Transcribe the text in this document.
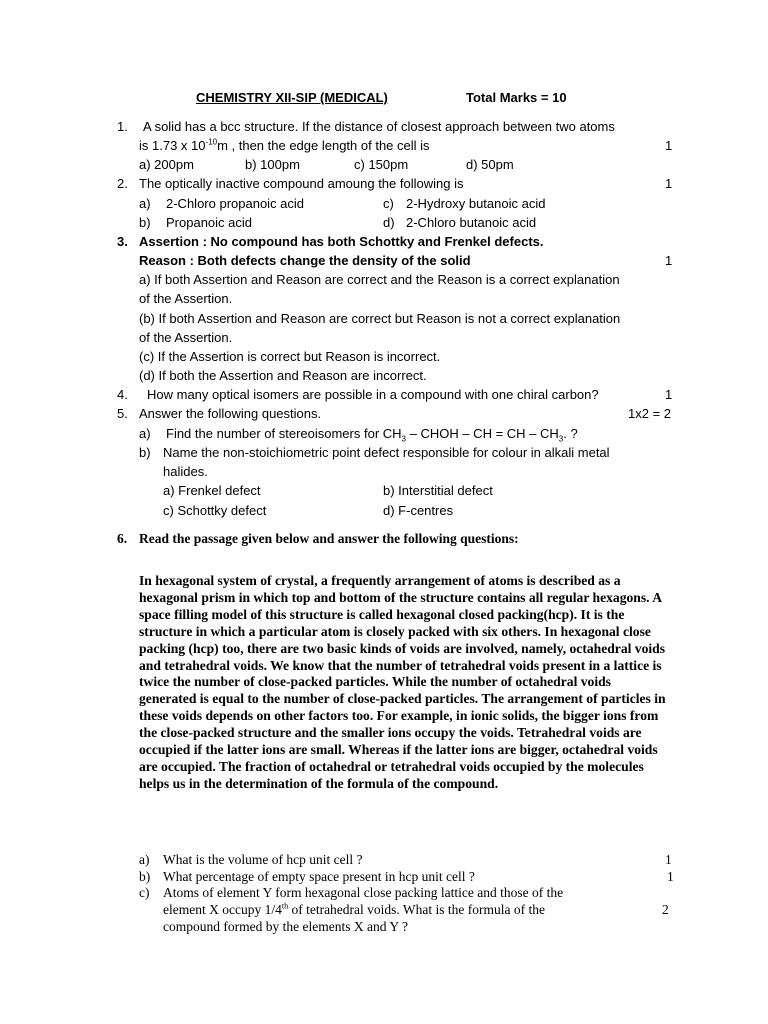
CHEMISTRY XII-SIP (MEDICAL)	Total Marks = 10
1. A solid has a bcc structure. If the distance of closest approach between two atoms
is 1.73 x $10^{-10}m$ , then the edge length of the cell is	1
a) 200pm	b) 100pm	c) 150pm	d) 50pm
2. The optically inactive compound amoung the following is	1
a) 2-Chloro propanoic acid	c) 2-Hydroxy butanoic acid
b) Propanoic acid	d) 2-Chloro butanoic acid
3. Assertion : No compound has both Schottky and Frenkel defects.
Reason : Both defects change the density of the solid	1
a) If both Assertion and Reason are correct and the Reason is a correct explanation
of the Assertion.
(b) If both Assertion and Reason are correct but Reason is not a correct explanation
of the Assertion.
(c) If the Assertion is correct but Reason is incorrect.
(d) If both the Assertion and Reason are incorrect.
4. How many optical isomers are possible in a compound with one chiral carbon?	1
5. Answer the following questions.	1x2 = 2
a) Find the number of stereoisomers for $CH_3$ – CHOH – CH = CH – $CH_3$. ?
b) Name the non-stoichiometric point defect responsible for colour in alkali metal
halides.
a) Frenkel defect	b) Interstitial defect
c) Schottky defect	d) F-centres
6. Read the passage given below and answer the following questions:
In hexagonal system of crystal, a frequently arrangement of atoms is described as a hexagonal prism in which top and bottom of the structure contains all regular hexagons. A space filling model of this structure is called hexagonal closed packing(hcp). It is the structure in which a particular atom is closely packed with six others. In hexagonal close packing (hcp) too, there are two basic kinds of voids are involved, namely, octahedral voids and tetrahedral voids. We know that the number of tetrahedral voids present in a lattice is twice the number of close-packed particles. While the number of octahedral voids generated is equal to the number of close-packed particles. The arrangement of particles in these voids depends on other factors too. For example, in ionic solids, the bigger ions from the close-packed structure and the smaller ions occupy the voids. Tetrahedral voids are occupied if the latter ions are small. Whereas if the latter ions are bigger, octahedral voids are occupied. The fraction of octahedral or tetrahedral voids occupied by the molecules helps us in the determination of the formula of the compound.
a) What is the volume of hcp unit cell ?	1
b) What percentage of empty space present in hcp unit cell ?	1
c) Atoms of element Y form hexagonal close packing lattice and those of the
element X occupy 1/4th of tetrahedral voids. What is the formula of the	2
compound formed by the elements X and Y ?
